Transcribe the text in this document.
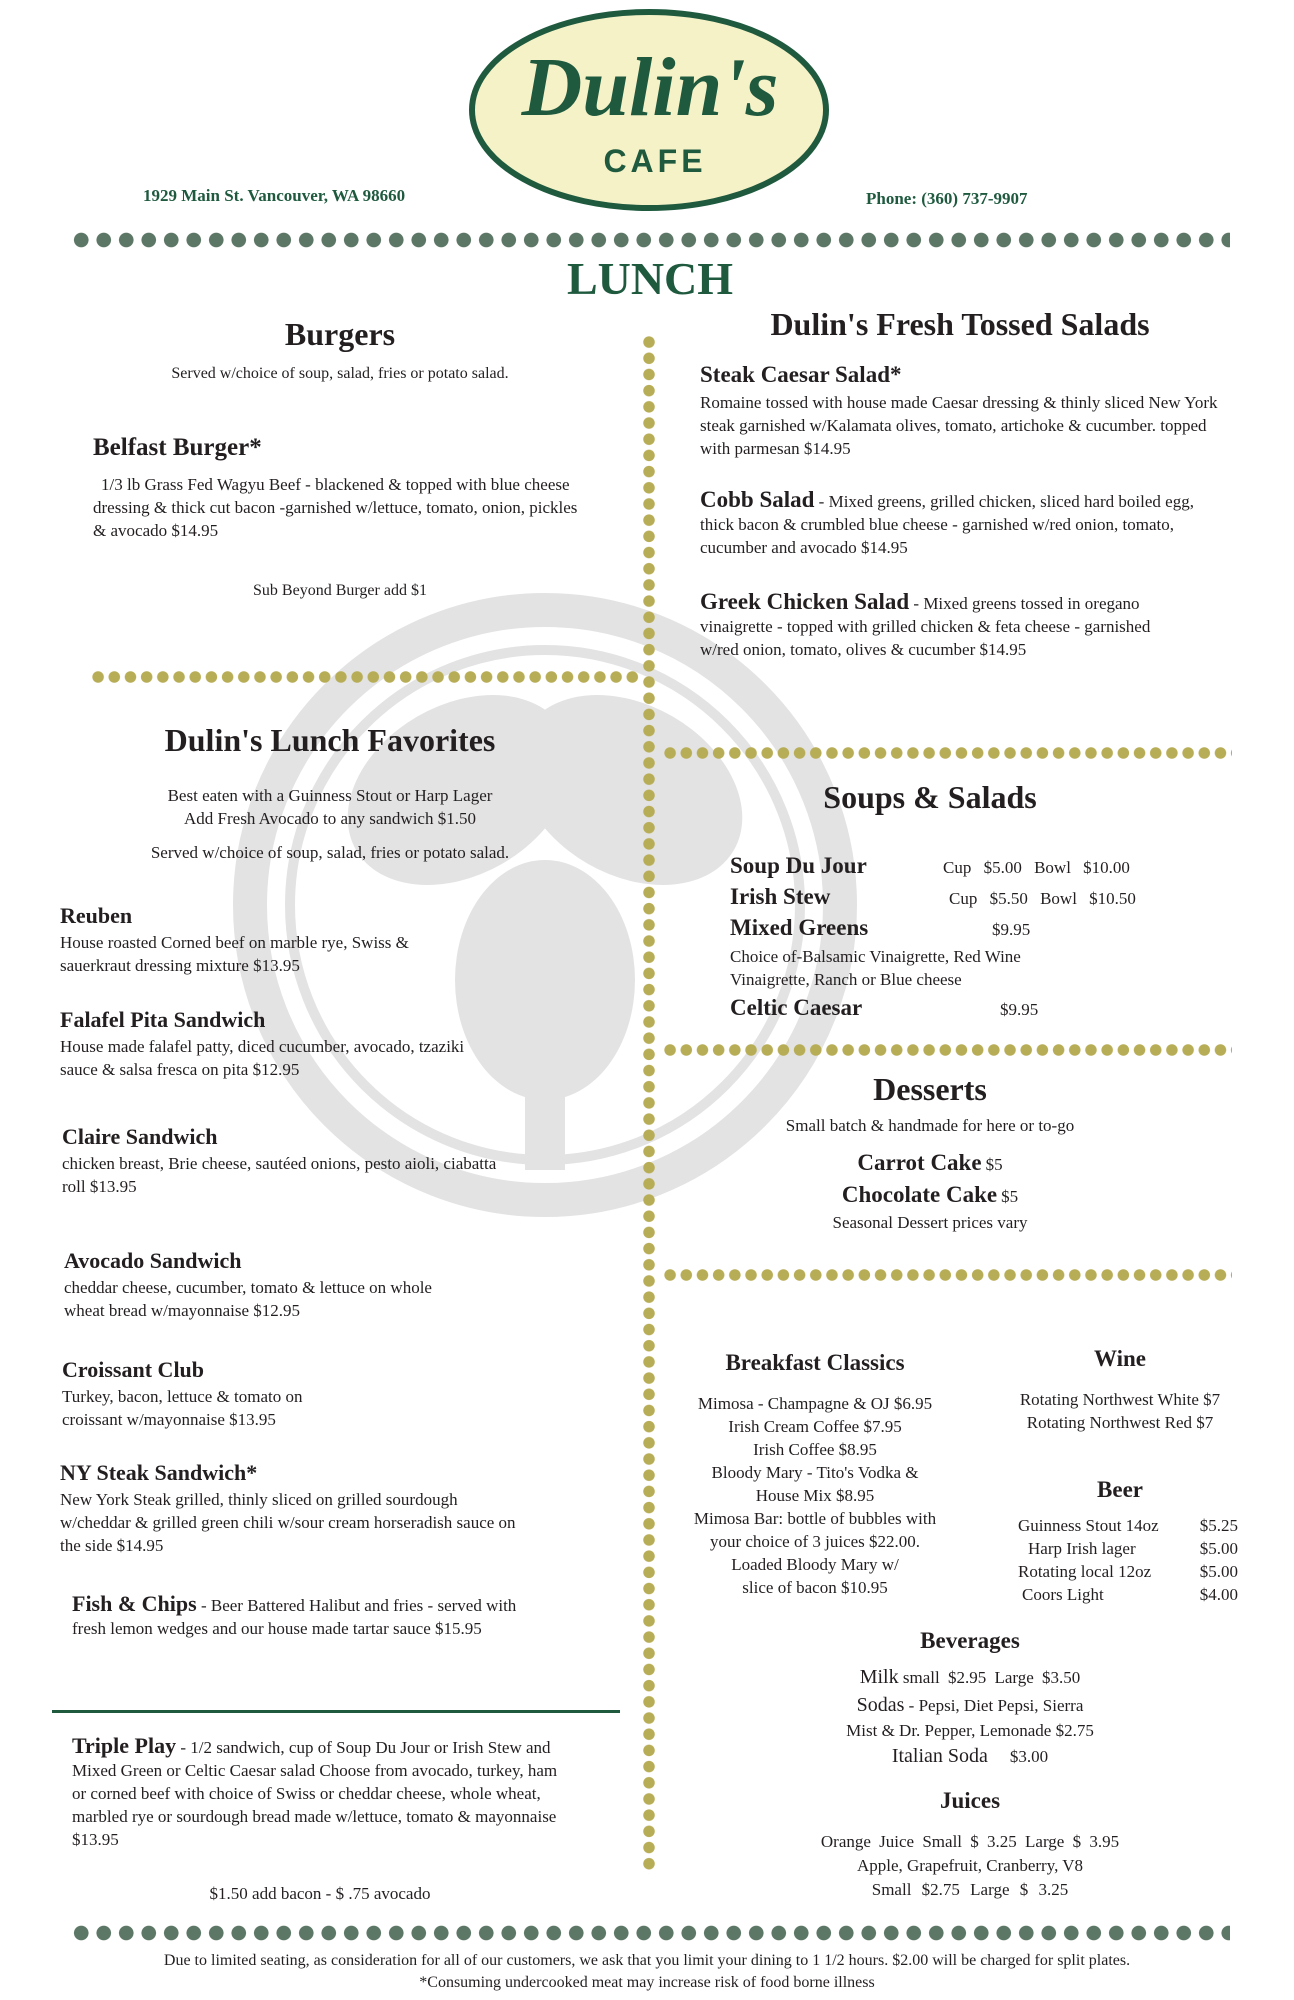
Dulin's
CAFE
1929 Main St. Vancouver, WA 98660	Phone: (360) 737-9907
LUNCH
Burgers
Served w/choice of soup, salad, fries or potato salad.
Belfast Burger*
1/3 lb Grass Fed Wagyu Beef - blackened & topped with blue cheese dressing & thick cut bacon -garnished w/lettuce, tomato, onion, pickles & avocado $14.95
Sub Beyond Burger add $1
Dulin's Lunch Favorites
Best eaten with a Guinness Stout or Harp Lager
Add Fresh Avocado to any sandwich $1.50
Served w/choice of soup, salad, fries or potato salad.
Reuben
House roasted Corned beef on marble rye, Swiss & sauerkraut dressing mixture $13.95
Falafel Pita Sandwich
House made falafel patty, diced cucumber, avocado, tzaziki sauce & salsa fresca on pita $12.95
Claire Sandwich
chicken breast, Brie cheese, sautéed onions, pesto aioli, ciabatta roll $13.95
Avocado Sandwich
cheddar cheese, cucumber, tomato & lettuce on whole wheat bread w/mayonnaise $12.95
Croissant Club
Turkey, bacon, lettuce & tomato on croissant w/mayonnaise $13.95
NY Steak Sandwich*
New York Steak grilled, thinly sliced on grilled sourdough w/cheddar & grilled green chili w/sour cream horseradish sauce on the side $14.95
Fish & Chips - Beer Battered Halibut and fries - served with fresh lemon wedges and our house made tartar sauce $15.95
Triple Play - 1/2 sandwich, cup of Soup Du Jour or Irish Stew and Mixed Green or Celtic Caesar salad Choose from avocado, turkey, ham or corned beef with choice of Swiss or cheddar cheese, whole wheat, marbled rye or sourdough bread made w/lettuce, tomato & mayonnaise $13.95
$1.50 add bacon - $ .75 avocado
Dulin's Fresh Tossed Salads
Steak Caesar Salad*
Romaine tossed with house made Caesar dressing & thinly sliced New York steak garnished w/Kalamata olives, tomato, artichoke & cucumber. topped with parmesan $14.95
Cobb Salad - Mixed greens, grilled chicken, sliced hard boiled egg, thick bacon & crumbled blue cheese - garnished w/red onion, tomato, cucumber and avocado $14.95
Greek Chicken Salad - Mixed greens tossed in oregano vinaigrette - topped with grilled chicken & feta cheese - garnished w/red onion, tomato, olives & cucumber $14.95
Soups & Salads
Soup Du Jour	Cup $5.00 Bowl $10.00
Irish Stew	Cup $5.50 Bowl $10.50
Mixed Greens	$9.95
Choice of-Balsamic Vinaigrette, Red Wine Vinaigrette, Ranch or Blue cheese
Celtic Caesar	$9.95
Desserts
Small batch & handmade for here or to-go
Carrot Cake $5
Chocolate Cake $5
Seasonal Dessert prices vary
Breakfast Classics
Mimosa - Champagne & OJ $6.95
Irish Cream Coffee $7.95
Irish Coffee $8.95
Bloody Mary - Tito's Vodka &
House Mix $8.95
Mimosa Bar: bottle of bubbles with
your choice of 3 juices $22.00.
Loaded Bloody Mary w/
slice of bacon $10.95
Wine
Rotating Northwest White $7
Rotating Northwest Red $7
Beer
Guinness Stout 14oz $5.25
Harp Irish lager	$5.00
Rotating local 12oz	$5.00
Coors Light	$4.00
Beverages
Milk small $2.95 Large $3.50
Sodas - Pepsi, Diet Pepsi, Sierra
Mist & Dr. Pepper, Lemonade $2.75
Italian Soda $3.00
Juices
Orange Juice Small $ 3.25 Large $ 3.95
Apple, Grapefruit, Cranberry, V8
Small $2.75 Large $ 3.25
Due to limited seating, as consideration for all of our customers, we ask that you limit your dining to 1 1/2 hours. $2.00 will be charged for split plates.
*Consuming undercooked meat may increase risk of food borne illness
